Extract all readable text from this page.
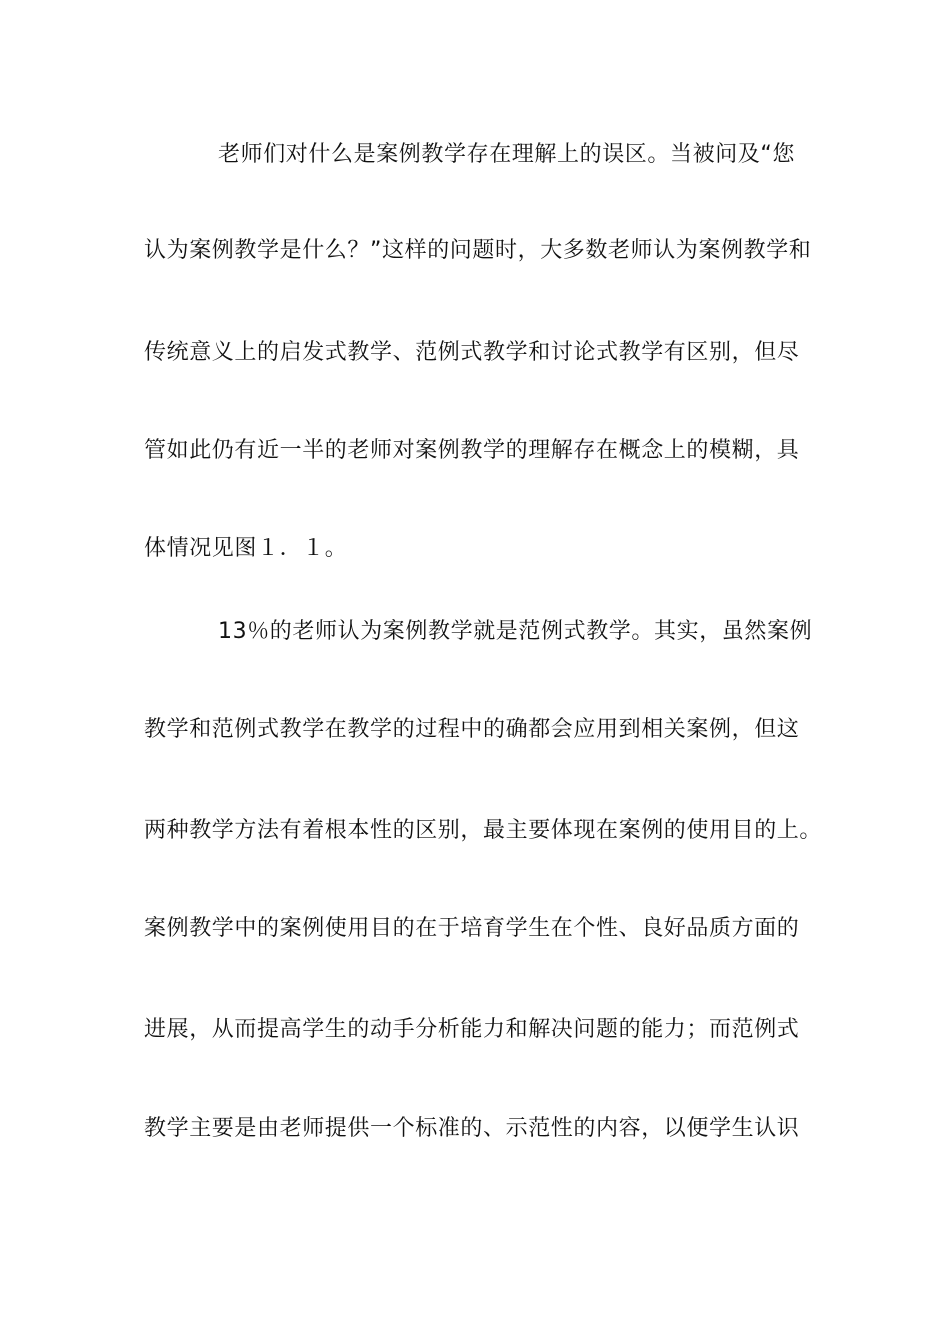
老师们对什么是案例教学存在理解上的误区。当被问及“您
认为案例教学是什么？”这样的问题时，大多数老师认为案例教学和
传统意义上的启发式教学、范例式教学和讨论式教学有区别，但尽
管如此仍有近一半的老师对案例教学的理解存在概念上的模糊，具
体情况见图１．１。
13％的老师认为案例教学就是范例式教学。其实，虽然案例
教学和范例式教学在教学的过程中的确都会应用到相关案例，但这
两种教学方法有着根本性的区别，最主要体现在案例的使用目的上。
案例教学中的案例使用目的在于培育学生在个性、良好品质方面的
进展，从而提高学生的动手分析能力和解决问题的能力；而范例式
教学主要是由老师提供一个标准的、示范性的内容，以便学生认识
